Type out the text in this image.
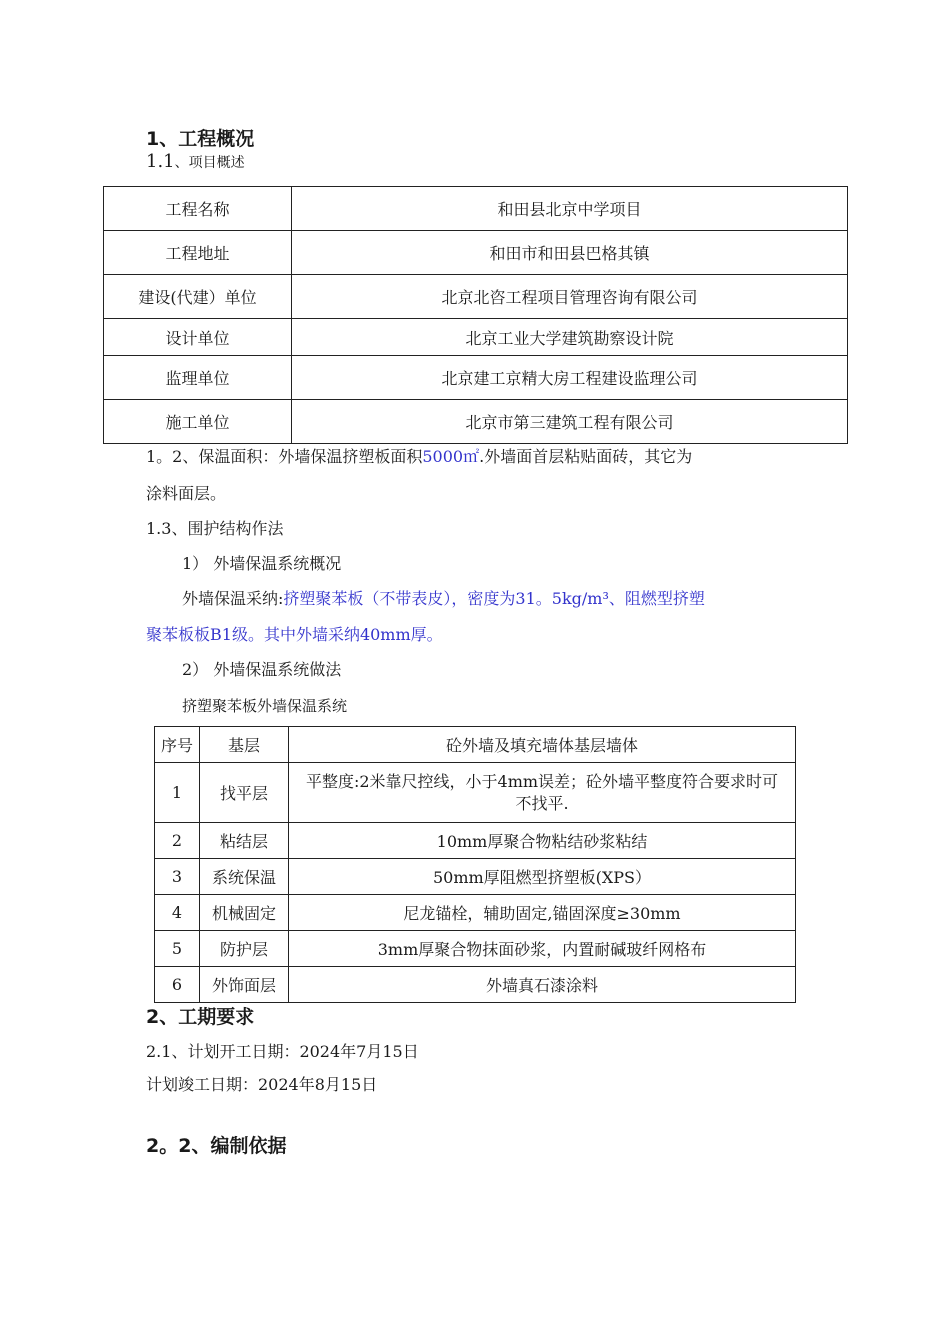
1、工程概况
1.1、项目概述
工程名称	和田县北京中学项目
工程地址	和田市和田县巴格其镇
建设(代建）单位	北京北咨工程项目管理咨询有限公司
设计单位	北京工业大学建筑勘察设计院
监理单位	北京建工京精大房工程建设监理公司
施工单位	北京市第三建筑工程有限公司
1。2、保温面积：外墙保温挤塑板面积5000㎡.外墙面首层粘贴面砖，其它为
涂料面层。
1.3、围护结构作法
1） 外墙保温系统概况
外墙保温采纳:挤塑聚苯板（不带表皮），密度为31。5kg/m³、阻燃型挤塑
聚苯板板B1级。其中外墙采纳40mm厚。
2） 外墙保温系统做法
挤塑聚苯板外墙保温系统
序号	基层	砼外墙及填充墙体基层墙体
1	找平层	平整度:2米靠尺控线，小于4mm误差；砼外墙平整度符合要求时可不找平.
2	粘结层	10mm厚聚合物粘结砂浆粘结
3	系统保温	50mm厚阻燃型挤塑板(XPS）
4	机械固定	尼龙锚栓，辅助固定,锚固深度≥30mm
5	防护层	3mm厚聚合物抹面砂浆，内置耐碱玻纤网格布
6	外饰面层	外墙真石漆涂料
2、工期要求
2.1、计划开工日期：2024年7月15日
计划竣工日期：2024年8月15日
2。2、编制依据
